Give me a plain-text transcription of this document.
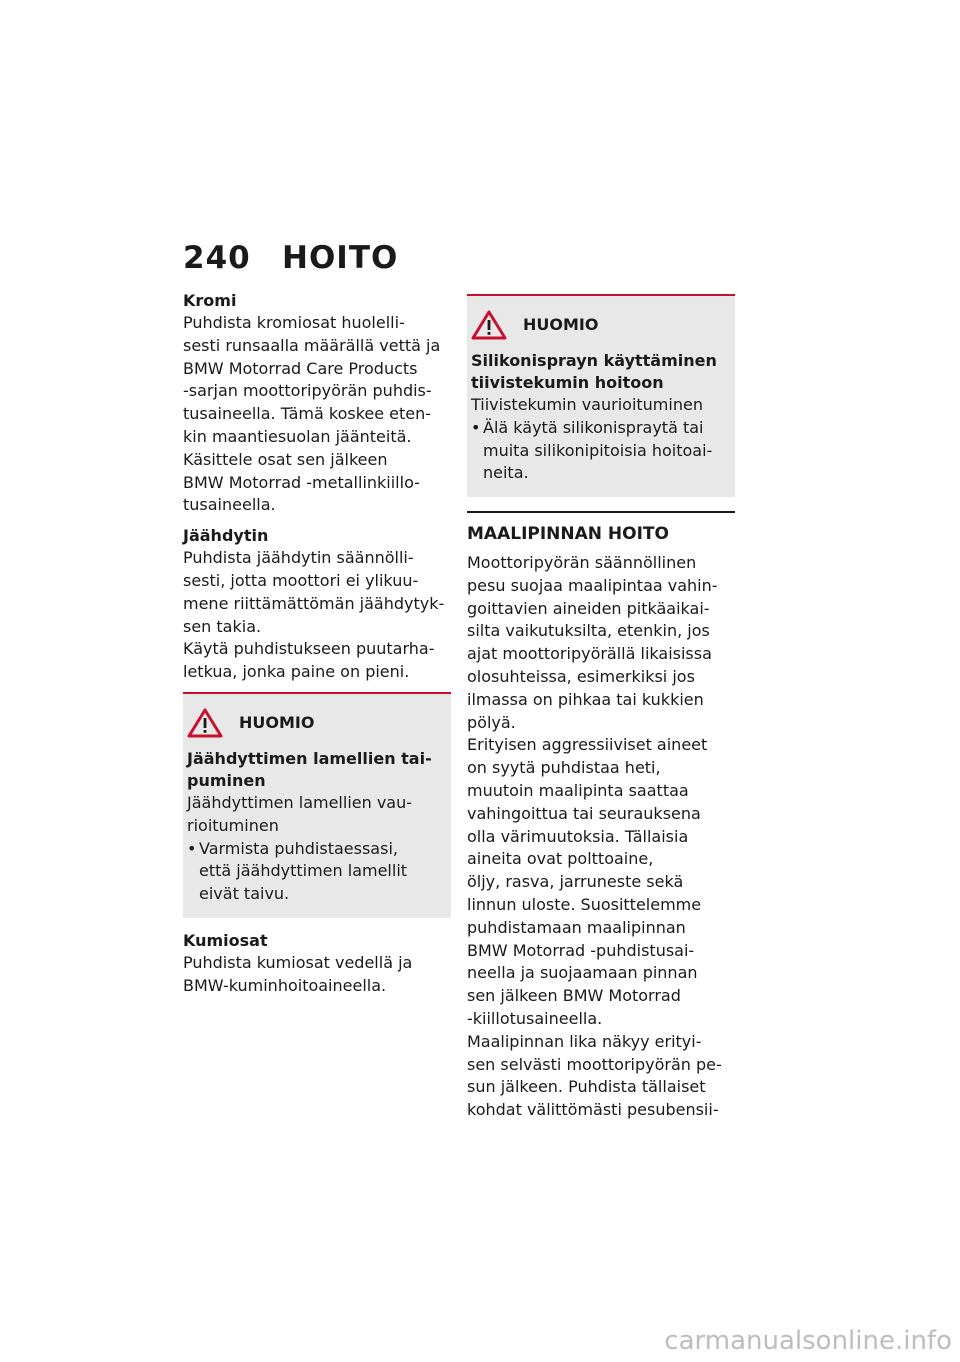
240 HOITO
Kromi
Puhdista kromiosat huolelli-
sesti runsaalla määrällä vettä ja
BMW Motorrad Care Products
-sarjan moottoripyörän puhdis-
tusaineella. Tämä koskee eten-
kin maantiesuolan jäänteitä.
Käsittele osat sen jälkeen
BMW Motorrad -metallinkiillo-
tusaineella.
Jäähdytin
Puhdista jäähdytin säännölli-
sesti, jotta moottori ei ylikuu-
mene riittämättömän jäähdytyk-
sen takia.
Käytä puhdistukseen puutarha-
letkua, jonka paine on pieni.
HUOMIO
Jäähdyttimen lamellien tai-
puminen
Jäähdyttimen lamellien vau-
rioituminen
• Varmista puhdistaessasi,
että jäähdyttimen lamellit
eivät taivu.
Kumiosat
Puhdista kumiosat vedellä ja
BMW-kuminhoitoaineella.
HUOMIO
Silikonisprayn käyttäminen
tiivistekumin hoitoon
Tiivistekumin vaurioituminen
• Älä käytä silikonispraytä tai
muita silikonipitoisia hoitoai-
neita.
MAALIPINNAN HOITO
Moottoripyörän säännöllinen
pesu suojaa maalipintaa vahin-
goittavien aineiden pitkäaikai-
silta vaikutuksilta, etenkin, jos
ajat moottoripyörällä likaisissa
olosuhteissa, esimerkiksi jos
ilmassa on pihkaa tai kukkien
pölyä.
Erityisen aggressiiviset aineet
on syytä puhdistaa heti,
muutoin maalipinta saattaa
vahingoittua tai seurauksena
olla värimuutoksia. Tällaisia
aineita ovat polttoaine,
öljy, rasva, jarruneste sekä
linnun uloste. Suosittelemme
puhdistamaan maalipinnan
BMW Motorrad -puhdistusai-
neella ja suojaamaan pinnan
sen jälkeen BMW Motorrad
-kiillotusaineella.
Maalipinnan lika näkyy erityi-
sen selvästi moottoripyörän pe-
sun jälkeen. Puhdista tällaiset
kohdat välittömästi pesubensii-
carmanualsonline.info
